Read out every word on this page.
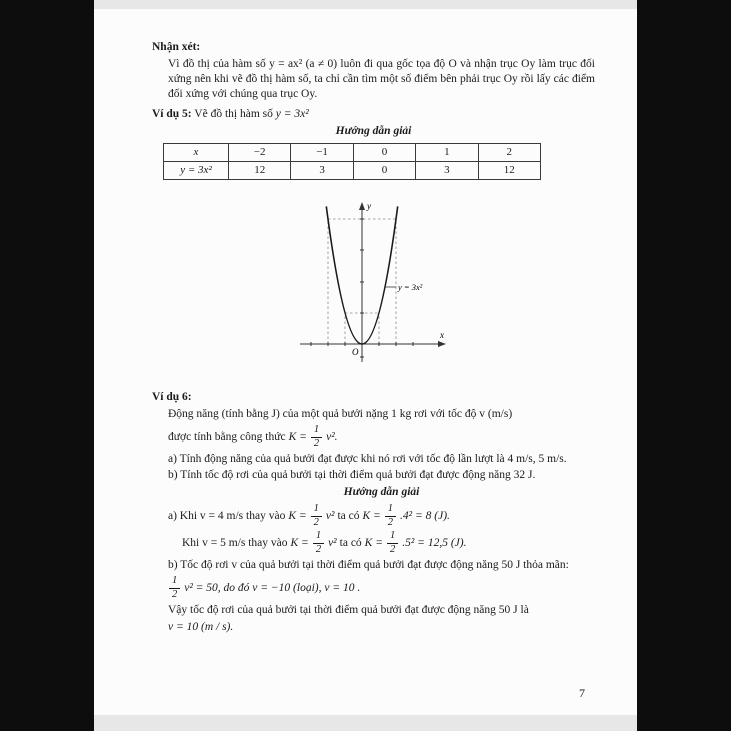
Nhận xét:

Vì đồ thị của hàm số y = ax² (a ≠ 0) luôn đi qua gốc tọa độ O và nhận trục Oy làm trục đối xứng nên khi vẽ đồ thị hàm số, ta chỉ cần tìm một số điểm bên phải trục Oy rồi lấy các điểm đối xứng với chúng qua trục Oy.

Ví dụ 5: Vẽ đồ thị hàm số y = 3x²
Hướng dẫn giải
x	−2	−1	0	1	2
y = 3x²	12	3	0	3	12
y = 3x²
y
x
O
Ví dụ 6:
Động năng (tính bằng J) của một quả bưởi nặng 1 kg rơi với tốc độ v (m/s)
được tính bằng công thức $K = \frac{1}{2} v^2$.
a) Tính động năng của quả bưởi đạt được khi nó rơi với tốc độ lần lượt là 4 m/s, 5 m/s.
b) Tính tốc độ rơi của quả bưởi tại thời điểm quả bưởi đạt được động năng 32 J.
Hướng dẫn giải
a) Khi v = 4 m/s thay vào $K = \frac{1}{2} v^2$ ta có $K = \frac{1}{2} .4^2 = 8$ (J).
Khi v = 5 m/s thay vào $K = \frac{1}{2} v^2$ ta có $K = \frac{1}{2} .5^2 = 12,5$ (J).
b) Tốc độ rơi v của quả bưởi tại thời điểm quả bưởi đạt được động năng 50 J thỏa mãn:
$\frac{1}{2} v^2 = 50$, do đó v = −10 (loại), v = 10 .
Vậy tốc độ rơi của quả bưởi tại thời điểm quả bưởi đạt được động năng 50 J là
v = 10 (m / s).
7
